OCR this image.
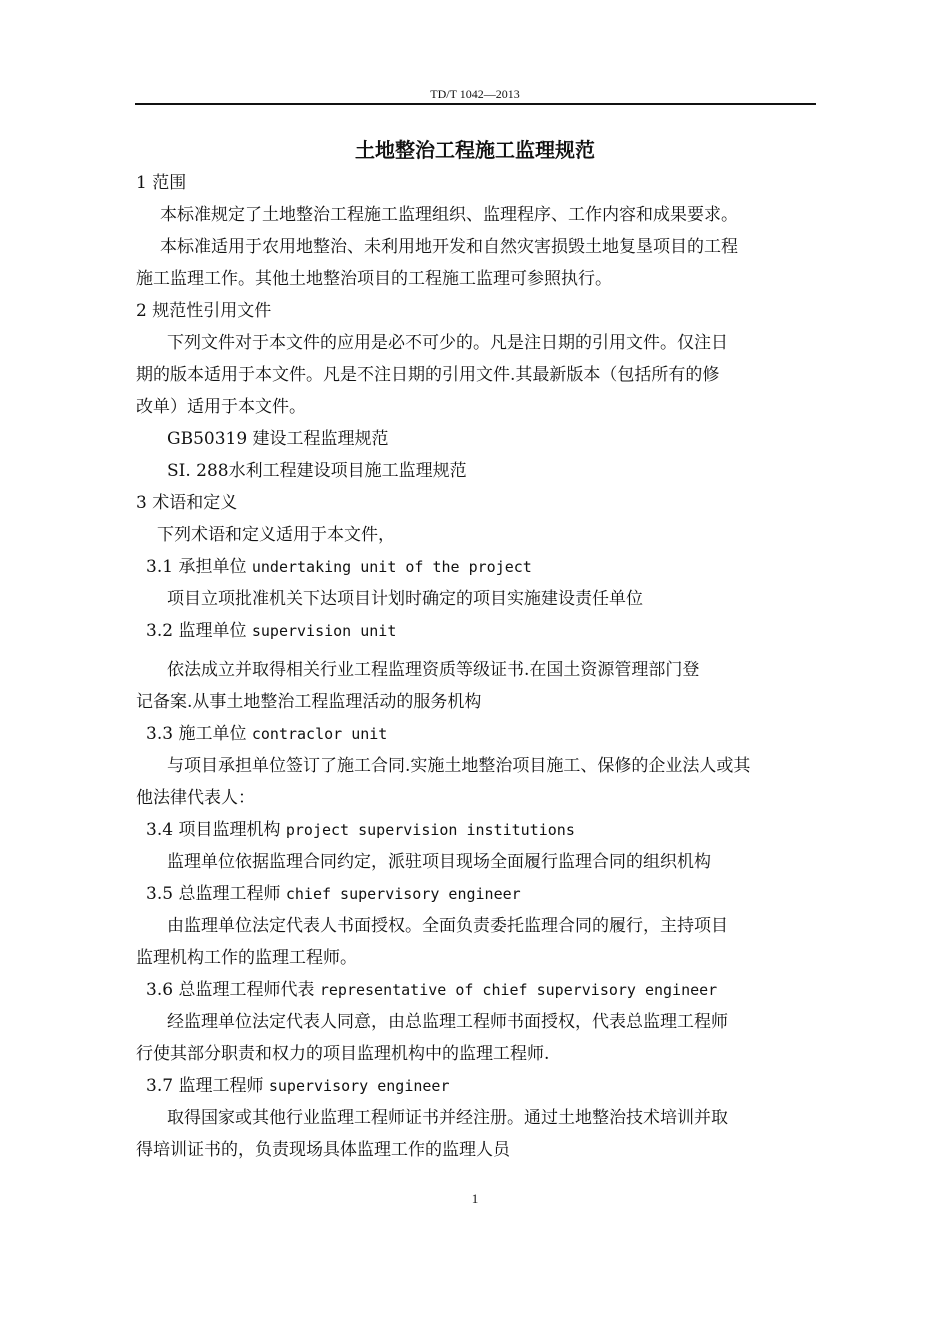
TD/T 1042—2013
土地整治工程施工监理规范
1 范围
本标准规定了土地整治工程施工监理组织、监理程序、工作内容和成果要求。
本标准适用于农用地整治、未利用地开发和自然灾害损毁土地复垦项目的工程
施工监理工作。其他土地整治项目的工程施工监理可参照执行。
2 规范性引用文件
下列文件对于本文件的应用是必不可少的。凡是注日期的引用文件。仅注日
期的版本适用于本文件。凡是不注日期的引用文件.其最新版本（包括所有的修
改单）适用于本文件。
GB50319 建设工程监理规范
SI. 288水利工程建设项目施工监理规范
3 术语和定义
下列术语和定义适用于本文件，
3.1 承担单位 undertaking unit of the project
项目立项批准机关下达项目计划时确定的项目实施建设责任单位
3.2 监理单位 supervision unit
依法成立并取得相关行业工程监理资质等级证书.在国土资源管理部门登
记备案.从事土地整治工程监理活动的服务机构
3.3 施工单位 contraclor unit
与项目承担单位签订了施工合同.实施土地整治项目施工、保修的企业法人或其
他法律代表人：
3.4 项目监理机构 project supervision institutions
监理单位依据监理合同约定，派驻项目现场全面履行监理合同的组织机构
3.5 总监理工程师 chief supervisory engineer
由监理单位法定代表人书面授权。全面负责委托监理合同的履行，主持项目
监理机构工作的监理工程师。
3.6 总监理工程师代表 representative of chief supervisory engineer
经监理单位法定代表人同意，由总监理工程师书面授权，代表总监理工程师
行使其部分职责和权力的项目监理机构中的监理工程师.
3.7 监理工程师 supervisory engineer
取得国家或其他行业监理工程师证书并经注册。通过土地整治技术培训并取
得培训证书的，负责现场具体监理工作的监理人员
1
